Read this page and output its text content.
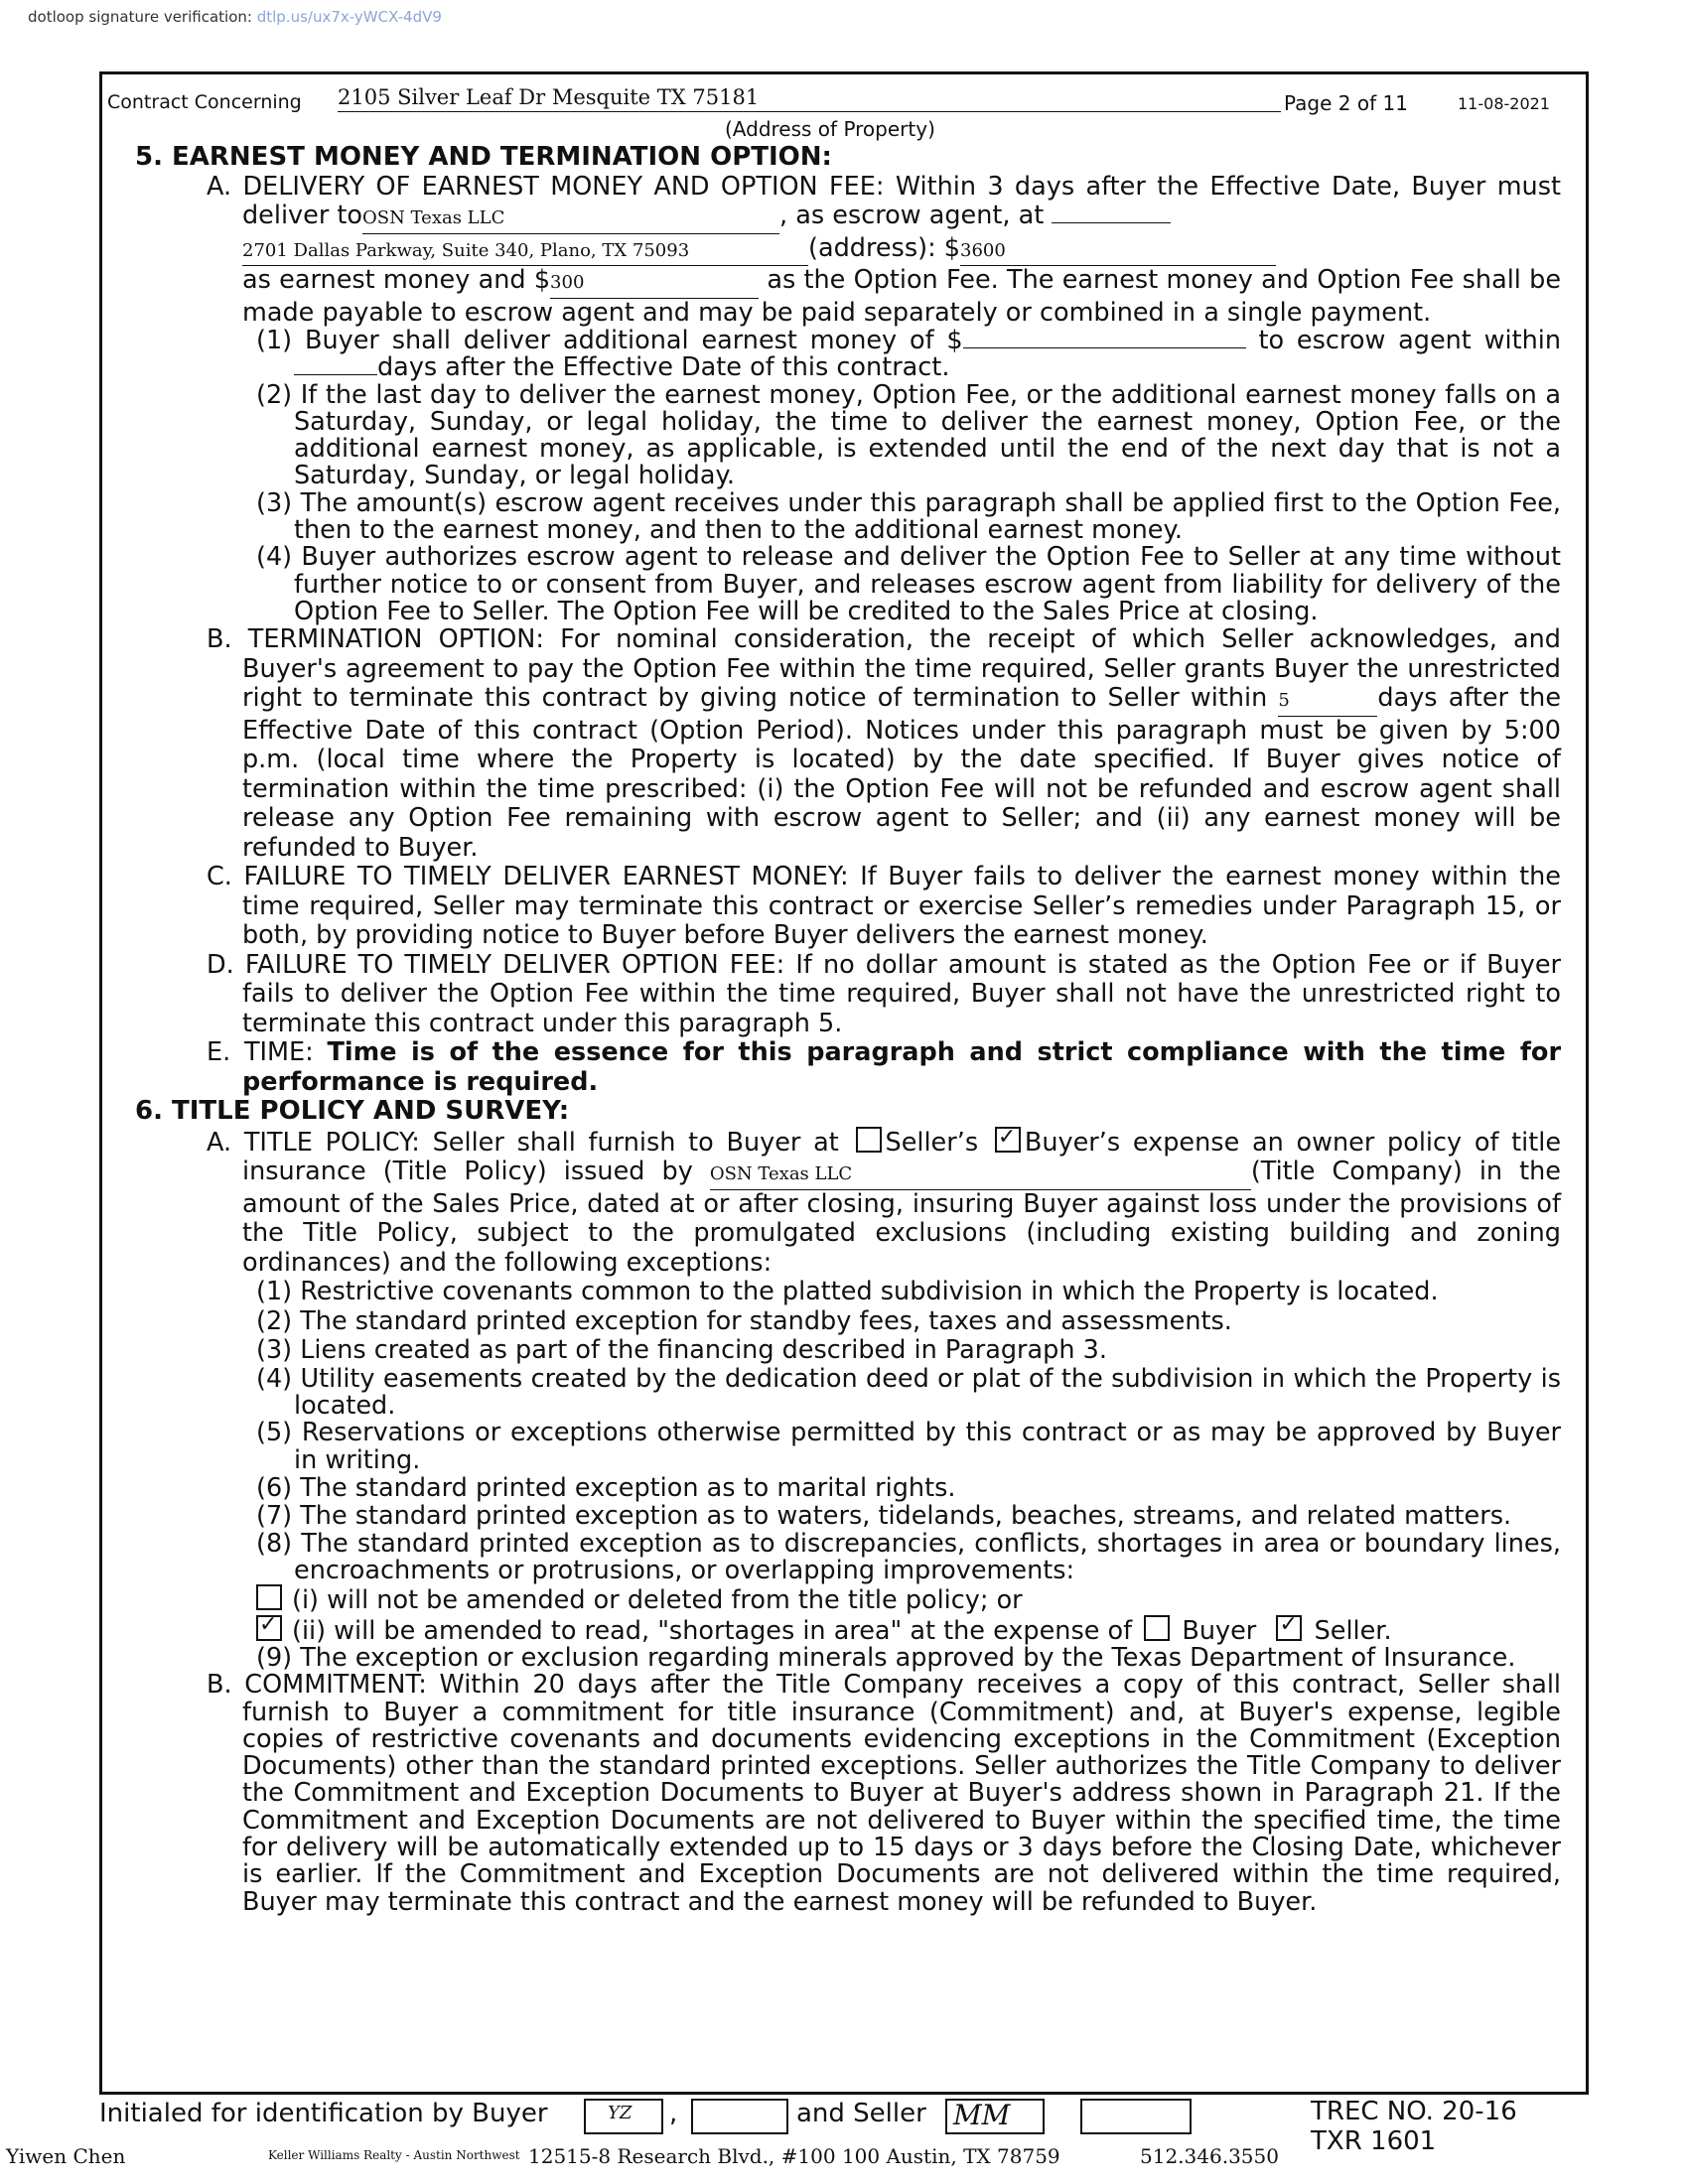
dotloop signature verification: dtlp.us/ux7x-yWCX-4dV9
Contract Concerning 2105 Silver Leaf Dr Mesquite TX 75181	Page 2 of 11	11-08-2021
(Address of Property)

5. EARNEST MONEY AND TERMINATION OPTION:

A. DELIVERY OF EARNEST MONEY AND OPTION FEE: Within 3 days after the Effective Date, Buyer must deliver toOSN Texas LLC	, as escrow agent, at
2701 Dallas Parkway, Suite 340, Plano, TX 75093	(address): $3600
as earnest money and $300	as the Option Fee. The earnest money and Option Fee shall be made payable to escrow agent and may be paid separately or combined in a single payment.

(1) Buyer shall deliver additional earnest money of $	to escrow agent within days after the Effective Date of this contract.

(2) If the last day to deliver the earnest money, Option Fee, or the additional earnest money falls on a Saturday, Sunday, or legal holiday, the time to deliver the earnest money, Option Fee, or the additional earnest money, as applicable, is extended until the end of the next day that is not a Saturday, Sunday, or legal holiday.

(3) The amount(s) escrow agent receives under this paragraph shall be applied first to the Option Fee, then to the earnest money, and then to the additional earnest money.

(4) Buyer authorizes escrow agent to release and deliver the Option Fee to Seller at any time without further notice to or consent from Buyer, and releases escrow agent from liability for delivery of the Option Fee to Seller. The Option Fee will be credited to the Sales Price at closing.

B. TERMINATION OPTION: For nominal consideration, the receipt of which Seller acknowledges, and Buyer's agreement to pay the Option Fee within the time required, Seller grants Buyer the unrestricted right to terminate this contract by giving notice of termination to Seller within 5	days after the Effective Date of this contract (Option Period). Notices under this paragraph must be given by 5:00 p.m. (local time where the Property is located) by the date specified. If Buyer gives notice of termination within the time prescribed: (i) the Option Fee will not be refunded and escrow agent shall release any Option Fee remaining with escrow agent to Seller; and (ii) any earnest money will be refunded to Buyer.

C. FAILURE TO TIMELY DELIVER EARNEST MONEY: If Buyer fails to deliver the earnest money within the time required, Seller may terminate this contract or exercise Seller’s remedies under Paragraph 15, or both, by providing notice to Buyer before Buyer delivers the earnest money.

D. FAILURE TO TIMELY DELIVER OPTION FEE: If no dollar amount is stated as the Option Fee or if Buyer fails to deliver the Option Fee within the time required, Buyer shall not have the unrestricted right to terminate this contract under this paragraph 5.

E. TIME: Time is of the essence for this paragraph and strict compliance with the time for performance is required.

6. TITLE POLICY AND SURVEY:

A. TITLE POLICY: Seller shall furnish to Buyer at Seller’s ✓ Buyer’s expense an owner policy of title insurance (Title Policy) issued by OSN Texas LLC	(Title Company) in the amount of the Sales Price, dated at or after closing, insuring Buyer against loss under the provisions of the Title Policy, subject to the promulgated exclusions (including existing building and zoning ordinances) and the following exceptions:

(1) Restrictive covenants common to the platted subdivision in which the Property is located.

(2) The standard printed exception for standby fees, taxes and assessments.

(3) Liens created as part of the financing described in Paragraph 3.

(4) Utility easements created by the dedication deed or plat of the subdivision in which the Property is located.

(5) Reservations or exceptions otherwise permitted by this contract or as may be approved by Buyer in writing.

(6) The standard printed exception as to marital rights.

(7) The standard printed exception as to waters, tidelands, beaches, streams, and related matters.

(8) The standard printed exception as to discrepancies, conflicts, shortages in area or boundary lines, encroachments or protrusions, or overlapping improvements:

(i) will not be amended or deleted from the title policy; or

✓(ii) will be amended to read, "shortages in area" at the expense of Buyer ✓ Seller.

(9) The exception or exclusion regarding minerals approved by the Texas Department of Insurance.

B. COMMITMENT: Within 20 days after the Title Company receives a copy of this contract, Seller shall furnish to Buyer a commitment for title insurance (Commitment) and, at Buyer's expense, legible copies of restrictive covenants and documents evidencing exceptions in the Commitment (Exception Documents) other than the standard printed exceptions. Seller authorizes the Title Company to deliver the Commitment and Exception Documents to Buyer at Buyer's address shown in Paragraph 21. If the Commitment and Exception Documents are not delivered to Buyer within the specified time, the time for delivery will be automatically extended up to 15 days or 3 days before the Closing Date, whichever is earlier. If the Commitment and Exception Documents are not delivered within the time required, Buyer may terminate this contract and the earnest money will be refunded to Buyer.

Initialed for identification by Buyer	YZ ,	and Seller MM	TREC NO. 20-16
TXR 1601
Yiwen Chen	Keller Williams Realty - Austin Northwest 12515-8 Research Blvd., #100 100 Austin, TX 78759	512.346.3550
